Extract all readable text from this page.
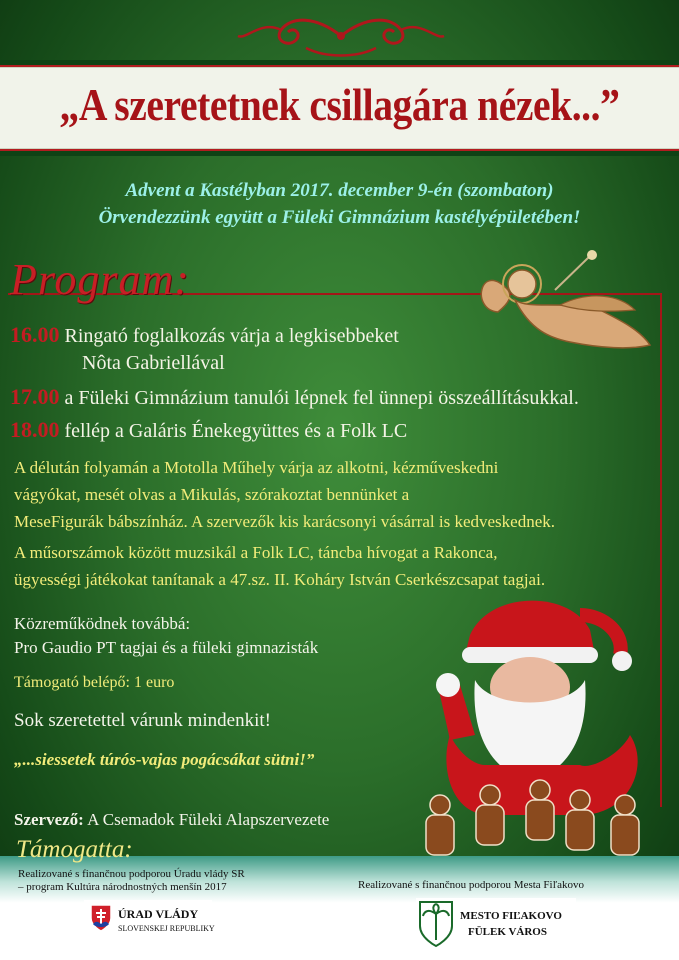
„A szeretetnek csillagára nézek...”
Advent a Kastélyban 2017. december 9-én (szombaton)
Örvendezzünk együtt a Füleki Gimnázium kastélyépületében!
Program:
16.00 Ringató foglalkozás várja a legkisebbeket
Nôta Gabriellával
17.00 a Füleki Gimnázium tanulói lépnek fel ünnepi összeállításukkal.
18.00 fellép a Galáris Énekegyüttes és a Folk LC
A délután folyamán a Motolla Műhely várja az alkotni, kézműveskedni
vágyókat, mesét olvas a Mikulás, szórakoztat bennünket a
MeseFigurák bábszínház. A szervezők kis karácsonyi vásárral is kedveskednek.
A műsorszámok között muzsikál a Folk LC, táncba hívogat a Rakonca,
ügyességi játékokat tanítanak a 47.sz. II. Koháry István Cserkészcsapat tagjai.
Közreműködnek továbbá:
Pro Gaudio PT tagjai és a füleki gimnazisták
Támogató belépő: 1 euro
Sok szeretettel várunk mindenkit!
„...siessetek túrós-vajas pogácsákat sütni!”
Szervező: A Csemadok Füleki Alapszervezete
Támogatta:
Realizované s finančnou podporou Úradu vlády SR
– program Kultúra národnostných menšín 2017	Realizované s finančnou podporou Mesta Fiľakovo
ÚRAD VLÁDY
SLOVENSKEJ REPUBLIKY
MESTO FIĽAKOVO
FÜLEK VÁROS
